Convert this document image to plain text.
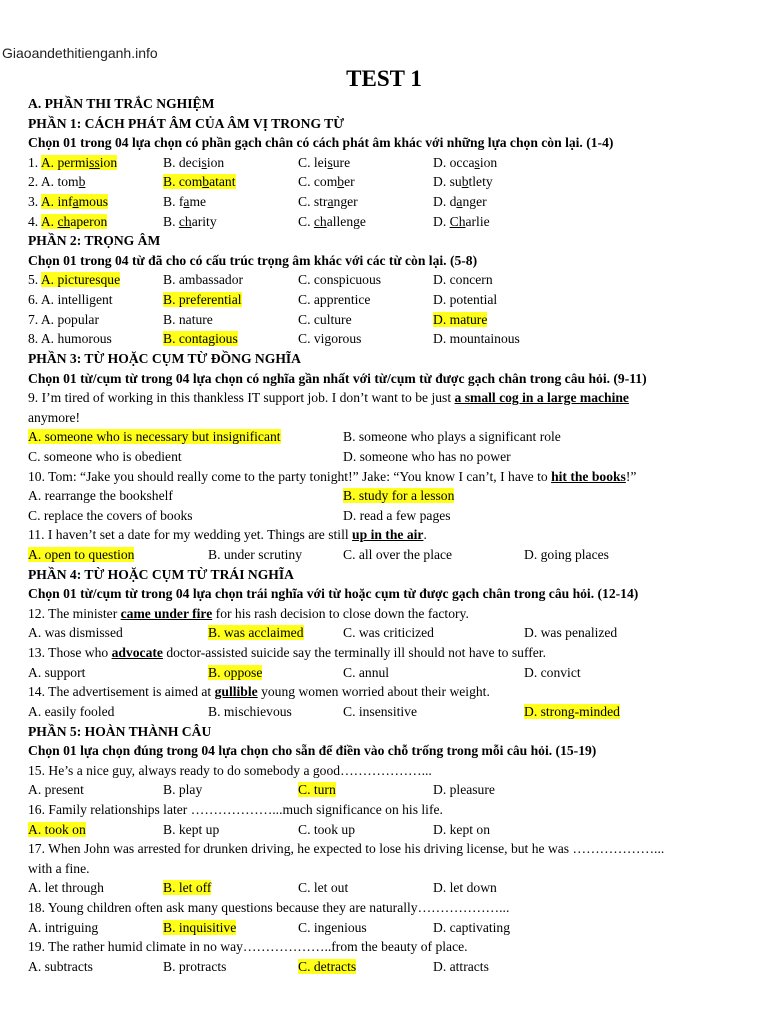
Giaoandethitienganh.info
TEST 1
A. PHẦN THI TRẮC NGHIỆM
PHẦN 1: CÁCH PHÁT ÂM CỦA ÂM VỊ TRONG TỪ
Chọn 01 trong 04 lựa chọn có phần gạch chân có cách phát âm khác với những lựa chọn còn lại. (1-4)
1. A. permission	B. decision	C. leisure	D. occasion
2. A. tomb	B. combatant	C. comber	D. subtlety
3. A. infamous	B. fame	C. stranger	D. danger
4. A. chaperon	B. charity	C. challenge	D. Charlie
PHẦN 2: TRỌNG ÂM
Chọn 01 trong 04 từ đã cho có cấu trúc trọng âm khác với các từ còn lại. (5-8)
5. A. picturesque	B. ambassador	C. conspicuous	D. concern
6. A. intelligent	B. preferential	C. apprentice	D. potential
7. A. popular	B. nature	C. culture	D. mature
8. A. humorous	B. contagious	C. vigorous	D. mountainous
PHẦN 3: TỪ HOẶC CỤM TỪ ĐỒNG NGHĨA
Chọn 01 từ/cụm từ trong 04 lựa chọn có nghĩa gần nhất với từ/cụm từ được gạch chân trong câu hỏi. (9-11)
9. I’m tired of working in this thankless IT support job. I don’t want to be just a small cog in a large machine
anymore!
A. someone who is necessary but insignificant	B. someone who plays a significant role
C. someone who is obedient	D. someone who has no power
10. Tom: “Jake you should really come to the party tonight!” Jake: “You know I can’t, I have to hit the books!”
A. rearrange the bookshelf	B. study for a lesson
C. replace the covers of books	D. read a few pages
11. I haven’t set a date for my wedding yet. Things are still up in the air.
A. open to question	B. under scrutiny	C. all over the place	D. going places
PHẦN 4: TỪ HOẶC CỤM TỪ TRÁI NGHĨA
Chọn 01 từ/cụm từ trong 04 lựa chọn trái nghĩa với từ hoặc cụm từ được gạch chân trong câu hỏi. (12-14)
12. The minister came under fire for his rash decision to close down the factory.
A. was dismissed	B. was acclaimed	C. was criticized	D. was penalized
13. Those who advocate doctor-assisted suicide say the terminally ill should not have to suffer.
A. support	B. oppose	C. annul	D. convict
14. The advertisement is aimed at gullible young women worried about their weight.
A. easily fooled	B. mischievous	C. insensitive	D. strong-minded
PHẦN 5: HOÀN THÀNH CÂU
Chọn 01 lựa chọn đúng trong 04 lựa chọn cho sẵn để điền vào chỗ trống trong mỗi câu hỏi. (15-19)
15. He’s a nice guy, always ready to do somebody a good………………...
A. present	B. play	C. turn	D. pleasure
16. Family relationships later ………………...much significance on his life.
A. took on	B. kept up	C. took up	D. kept on
17. When John was arrested for drunken driving, he expected to lose his driving license, but he was ………………...
with a fine.
A. let through	B. let off	C. let out	D. let down
18. Young children often ask many questions because they are naturally………………...
A. intriguing	B. inquisitive	C. ingenious	D. captivating
19. The rather humid climate in no way………………..from the beauty of place.
A. subtracts	B. protracts	C. detracts	D. attracts
